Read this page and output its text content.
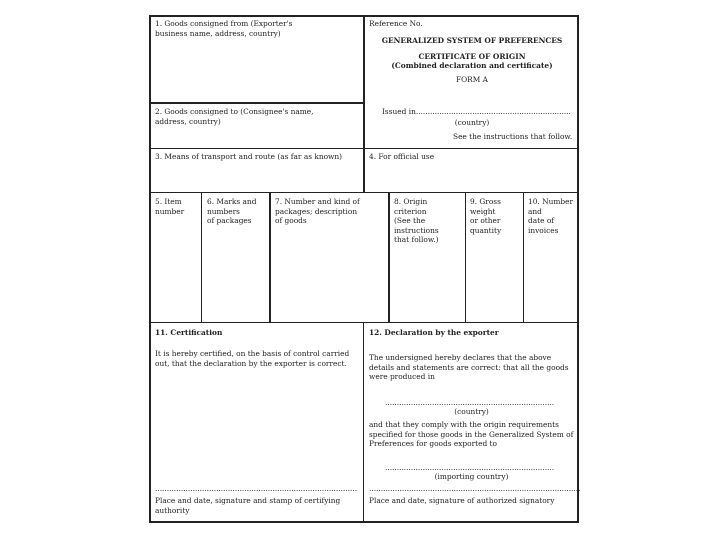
1. Goods consigned from (Exporter's
business name, address, country)
Reference No.
GENERALIZED SYSTEM OF PREFERENCES
CERTIFICATE OF ORIGIN
(Combined declaration and certificate)
FORM A
2. Goods consigned to (Consignee's name,
address, country)
Issued in..................................................................
(country)
See the instructions that follow.
3. Means of transport and route (as far as known)	4. For official use
5. Item
number
6. Marks and
numbers
of packages
7. Number and kind of
packages; description
of goods
8. Origin
criterion
(See the
instructions
that follow.)
9. Gross
weight
or other
quantity
10. Number
and
date of
invoices
11. Certification
It is hereby certified, on the basis of control carried
out, that the declaration by the exporter is correct.
......................................................................................
Place and date, signature and stamp of certifying
authority
12. Declaration by the exporter
The undersigned hereby declares that the above
details and statements are correct: that all the goods
were produced in
........................................................................
(country)
and that they comply with the origin requirements
specified for those goods in the Generalized System of
Preferences for goods exported to
........................................................................
(importing country)
..........................................................................................
Place and date, signature of authorized signatory
